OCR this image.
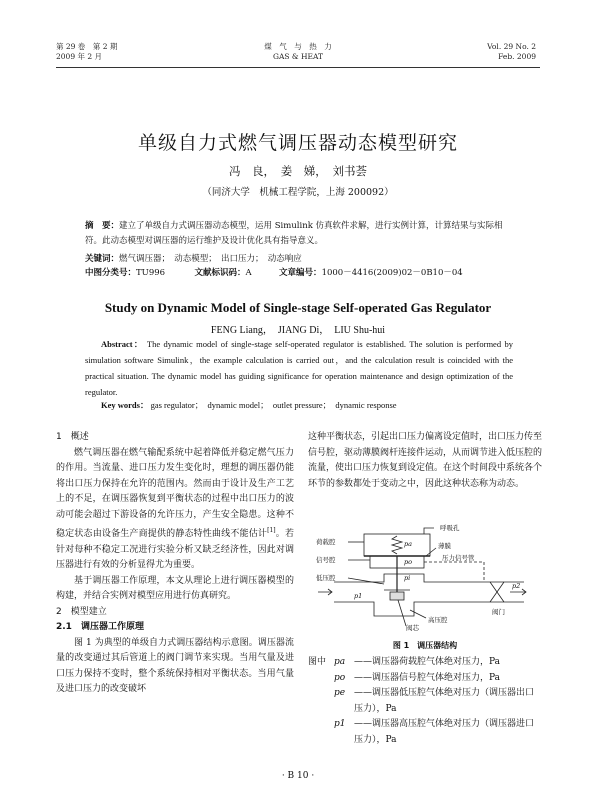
第 29 卷　第 2 期
2009 年 2 月
煤　气　与　热　力
GAS & HEAT
Vol. 29 No. 2
Feb. 2009
单级自力式燃气调压器动态模型研究
冯　良，　姜　娣，　刘书荟
（同济大学　机械工程学院，上海 200092）
摘　要：建立了单级自力式调压器动态模型，运用 Simulink 仿真软件求解，进行实例计算，计算结果与实际相符。此动态模型对调压器的运行维护及设计优化具有指导意义。
关键词：燃气调压器；　动态模型；　出口压力；　动态响应
中图分类号：TU996	文献标识码：A	文章编号：1000－4416(2009)02－0B10－04
Study on Dynamic Model of Single-stage Self-operated Gas Regulator
FENG Liang，　JIANG Di，　LIU Shu-hui
Abstract： The dynamic model of single-stage self-operated regulator is established. The solution is performed by simulation software Simulink，the example calculation is carried out，and the calculation result is coincided with the practical situation. The dynamic model has guiding significance for operation maintenance and design optimization of the regulator.
Key words： gas regulator；　dynamic model；　outlet pressure；　dynamic response
1　概述

燃气调压器在燃气输配系统中起着降低并稳定燃气压力的作用。当流量、进口压力发生变化时，理想的调压器仍能将出口压力保持在允许的范围内。然而由于设计及生产工艺上的不足，在调压器恢复到平衡状态的过程中出口压力的波动可能会超过下游设备的允许压力，产生安全隐患。这种不稳定状态由设备生产商提供的静态特性曲线不能估计[1]。若针对每种不稳定工况进行实验分析又缺乏经济性，因此对调压器进行有效的分析显得尤为重要。

基于调压器工作原理，本文从理论上进行调压器模型的构建，并结合实例对模型应用进行仿真研究。

2　模型建立
2.1　调压器工作原理

图 1 为典型的单级自力式调压器结构示意图。调压器流量的改变通过其后管道上的阀门调节来实现。当用气量及进口压力保持不变时，整个系统保持相对平衡状态。当用气量及进口压力的改变破坏

这种平衡状态，引起出口压力偏离设定值时，出口压力传至信号腔，驱动薄膜阀杆连接件运动，从而调节进入低压腔的流量，使出口压力恢复到设定值。在这个时间段中系统各个环节的参数都处于变动之中，因此这种状态称为动态。

呼吸孔
荷载腔	薄膜
信号腔	压力信号管
低压腔
高压腔
阀芯
阀门
pa
po
pi
p1
p2
图 1　调压器结构
图中 pa ——调压器荷载腔气体绝对压力，Pa
po ——调压器信号腔气体绝对压力，Pa
pe ——调压器低压腔气体绝对压力（调压器出口压力），Pa
p1 ——调压器高压腔气体绝对压力（调压器进口压力），Pa
· B 10 ·
